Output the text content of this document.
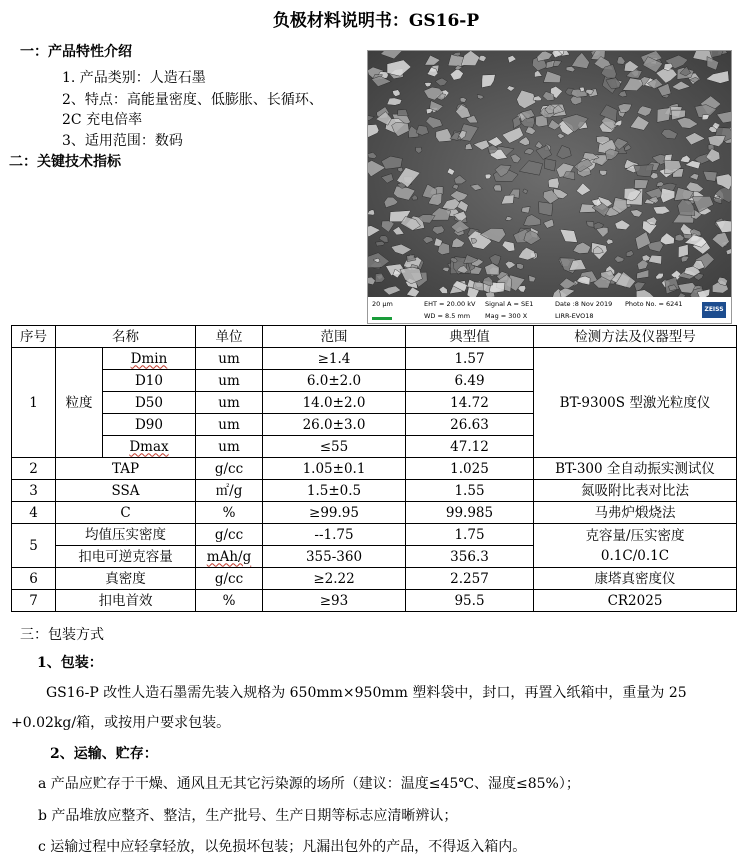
负极材料说明书：GS16-P
一：产品特性介绍
1. 产品类别：人造石墨
2、特点：高能量密度、低膨胀、长循环、
2C 充电倍率
3、适用范围：数码
二：关键技术指标
20 µm	EHT = 20.00 kV
WD = 8.5 mm
Signal A = SE1
Mag = 300 X
Date :8 Nov 2019
LIRR-EVO18
Photo No. = 6241
ZEISS
序号	名称		单位	范围	典型值	检测方法及仪器型号
1	粒度	Dmin	um	≥1.4	1.57	BT-9300S 型激光粒度仪
		D10	um	6.0±2.0	6.49	
		D50	um	14.0±2.0	14.72	
		D90	um	26.0±3.0	26.63	
		Dmax	um	≤55	47.12	
2	TAP		g/cc	1.05±0.1	1.025	BT-300 全自动振实测试仪
3	SSA		㎡/g	1.5±0.5	1.55	氮吸附比表对比法
4	C		%	≥99.95	99.985	马弗炉煅烧法
5	均值压实密度		g/cc	--1.75	1.75	克容量/压实密度
0.1C/0.1C

	扣电可逆克容量		mAh/g	355-360	356.3	
6	真密度		g/cc	≥2.22	2.257	康塔真密度仪
7	扣电首效		%	≥93	95.5	CR2025
三：包装方式
1、包装：
GS16-P 改性人造石墨需先装入规格为 650mm×950mm 塑料袋中，封口，再置入纸箱中，重量为 25
+0.02kg/箱，或按用户要求包装。
2、运输、贮存：
a 产品应贮存于干燥、通风且无其它污染源的场所（建议：温度≤45℃、湿度≤85%）；
b 产品堆放应整齐、整洁，生产批号、生产日期等标志应清晰辨认；
c 运输过程中应轻拿轻放，以免损坏包装；凡漏出包外的产品，不得返入箱内。
